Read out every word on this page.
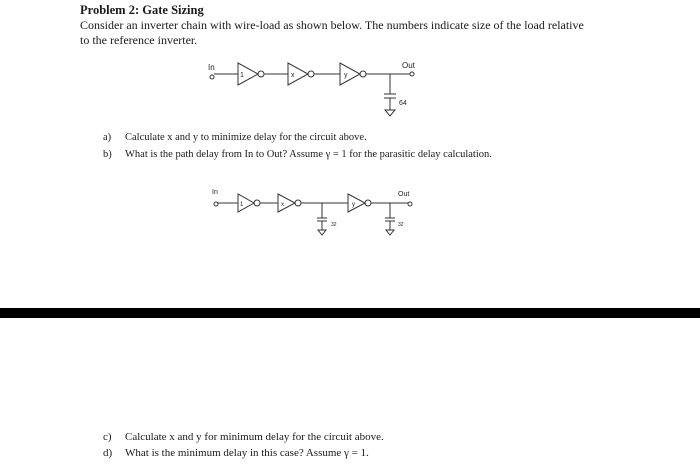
Problem 2: Gate Sizing
Consider an inverter chain with wire-load as shown below. The numbers indicate size of the load relative
to the reference inverter.
In
1	x	y
Out
64
a) Calculate x and y to minimize delay for the circuit above.
b) What is the path delay from In to Out? Assume γ = 1 for the parasitic delay calculation.
In
1	x
32
y
Out
32
c) Calculate x and y for minimum delay for the circuit above.
d) What is the minimum delay in this case? Assume γ = 1.
